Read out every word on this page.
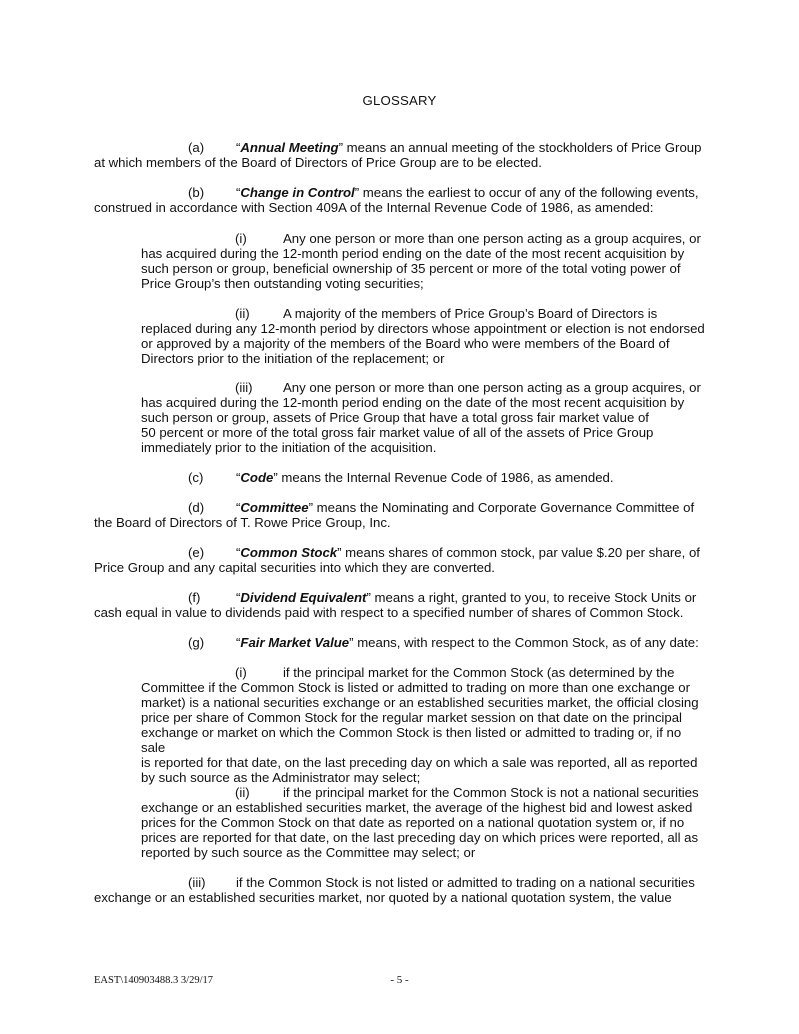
GLOSSARY
(a) “Annual Meeting” means an annual meeting of the stockholders of Price Group
at which members of the Board of Directors of Price Group are to be elected.
(b) “Change in Control” means the earliest to occur of any of the following events,
construed in accordance with Section 409A of the Internal Revenue Code of 1986, as amended:
(i)	Any one person or more than one person acting as a group acquires, or
has acquired during the 12-month period ending on the date of the most recent acquisition by
such person or group, beneficial ownership of 35 percent or more of the total voting power of
Price Group’s then outstanding voting securities;
(ii)	A majority of the members of Price Group’s Board of Directors is
replaced during any 12-month period by directors whose appointment or election is not endorsed
or approved by a majority of the members of the Board who were members of the Board of
Directors prior to the initiation of the replacement; or
(iii) Any one person or more than one person acting as a group acquires, or
has acquired during the 12-month period ending on the date of the most recent acquisition by
such person or group, assets of Price Group that have a total gross fair market value of
50 percent or more of the total gross fair market value of all of the assets of Price Group
immediately prior to the initiation of the acquisition.
(c) “Code” means the Internal Revenue Code of 1986, as amended.
(d) “Committee” means the Nominating and Corporate Governance Committee of
the Board of Directors of T. Rowe Price Group, Inc.
(e) “Common Stock” means shares of common stock, par value $.20 per share, of
Price Group and any capital securities into which they are converted.
(f)	“Dividend Equivalent” means a right, granted to you, to receive Stock Units or
cash equal in value to dividends paid with respect to a specified number of shares of Common Stock.
(g) “Fair Market Value” means, with respect to the Common Stock, as of any date:
(i)	if the principal market for the Common Stock (as determined by the
Committee if the Common Stock is listed or admitted to trading on more than one exchange or
market) is a national securities exchange or an established securities market, the official closing
price per share of Common Stock for the regular market session on that date on the principal
exchange or market on which the Common Stock is then listed or admitted to trading or, if no sale
is reported for that date, on the last preceding day on which a sale was reported, all as reported
by such source as the Administrator may select;
(ii)	if the principal market for the Common Stock is not a national securities
exchange or an established securities market, the average of the highest bid and lowest asked
prices for the Common Stock on that date as reported on a national quotation system or, if no
prices are reported for that date, on the last preceding day on which prices were reported, all as
reported by such source as the Committee may select; or
(iii) if the Common Stock is not listed or admitted to trading on a national securities
exchange or an established securities market, nor quoted by a national quotation system, the value
EAST\140903488.3 3/29/17	- 5 -
